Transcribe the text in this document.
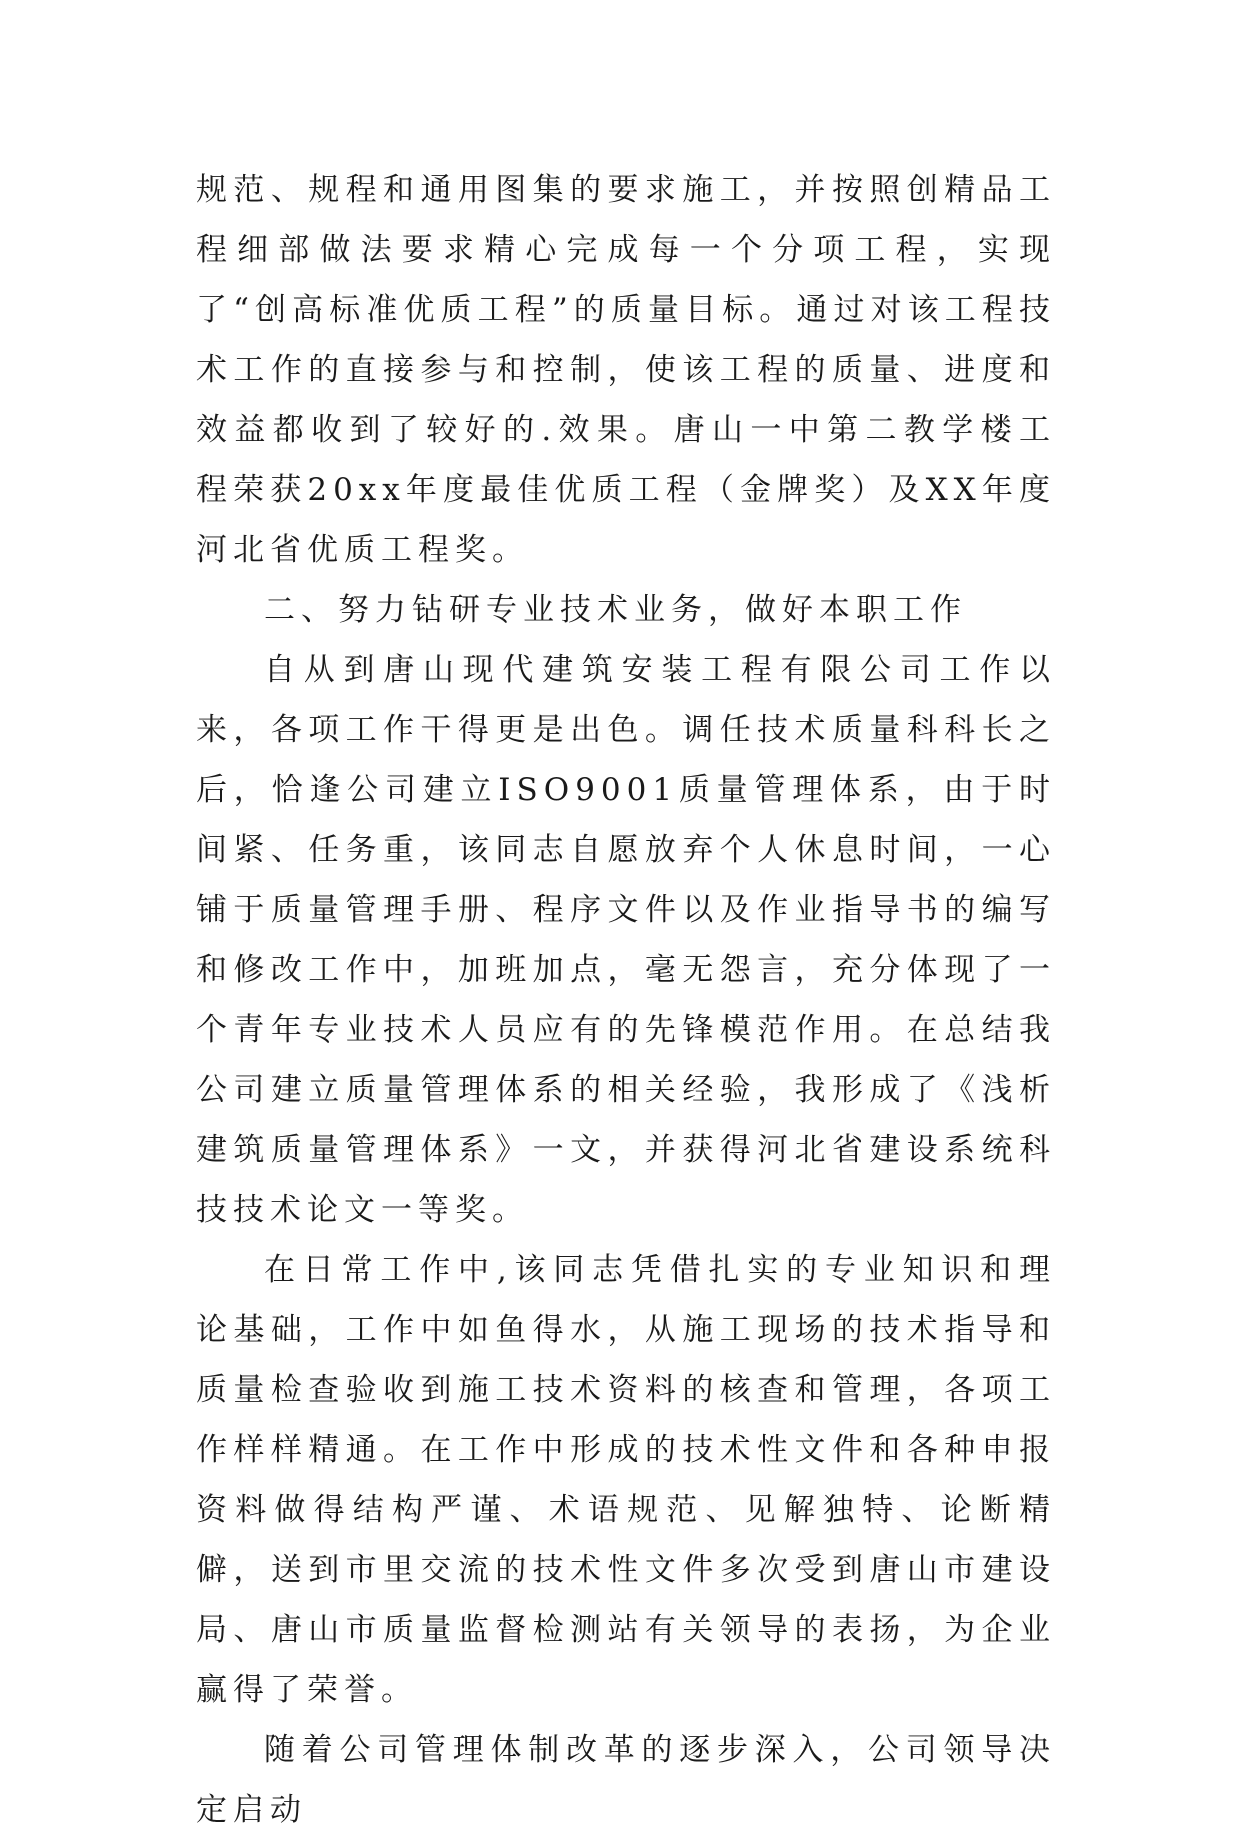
规范、规程和通用图集的要求施工，并按照创精品工程细部做法要求精心完成每一个分项工程，实现了“创高标准优质工程”的质量目标。通过对该工程技术工作的直接参与和控制，使该工程的质量、进度和效益都收到了较好的.效果。唐山一中第二教学楼工程荣获20xx年度最佳优质工程（金牌奖）及XX年度河北省优质工程奖。

二、努力钻研专业技术业务，做好本职工作

自从到唐山现代建筑安装工程有限公司工作以来，各项工作干得更是出色。调任技术质量科科长之后，恰逢公司建立ISO9001质量管理体系，由于时间紧、任务重，该同志自愿放弃个人休息时间，一心铺于质量管理手册、程序文件以及作业指导书的编写和修改工作中，加班加点，毫无怨言，充分体现了一个青年专业技术人员应有的先锋模范作用。在总结我公司建立质量管理体系的相关经验，我形成了《浅析建筑质量管理体系》一文，并获得河北省建设系统科技技术论文一等奖。

在日常工作中,该同志凭借扎实的专业知识和理论基础，工作中如鱼得水，从施工现场的技术指导和质量检查验收到施工技术资料的核查和管理，各项工作样样精通。在工作中形成的技术性文件和各种申报资料做得结构严谨、术语规范、见解独特、论断精僻，送到市里交流的技术性文件多次受到唐山市建设局、唐山市质量监督检测站有关领导的表扬，为企业赢得了荣誉。

随着公司管理体制改革的逐步深入，公司领导决定启动
